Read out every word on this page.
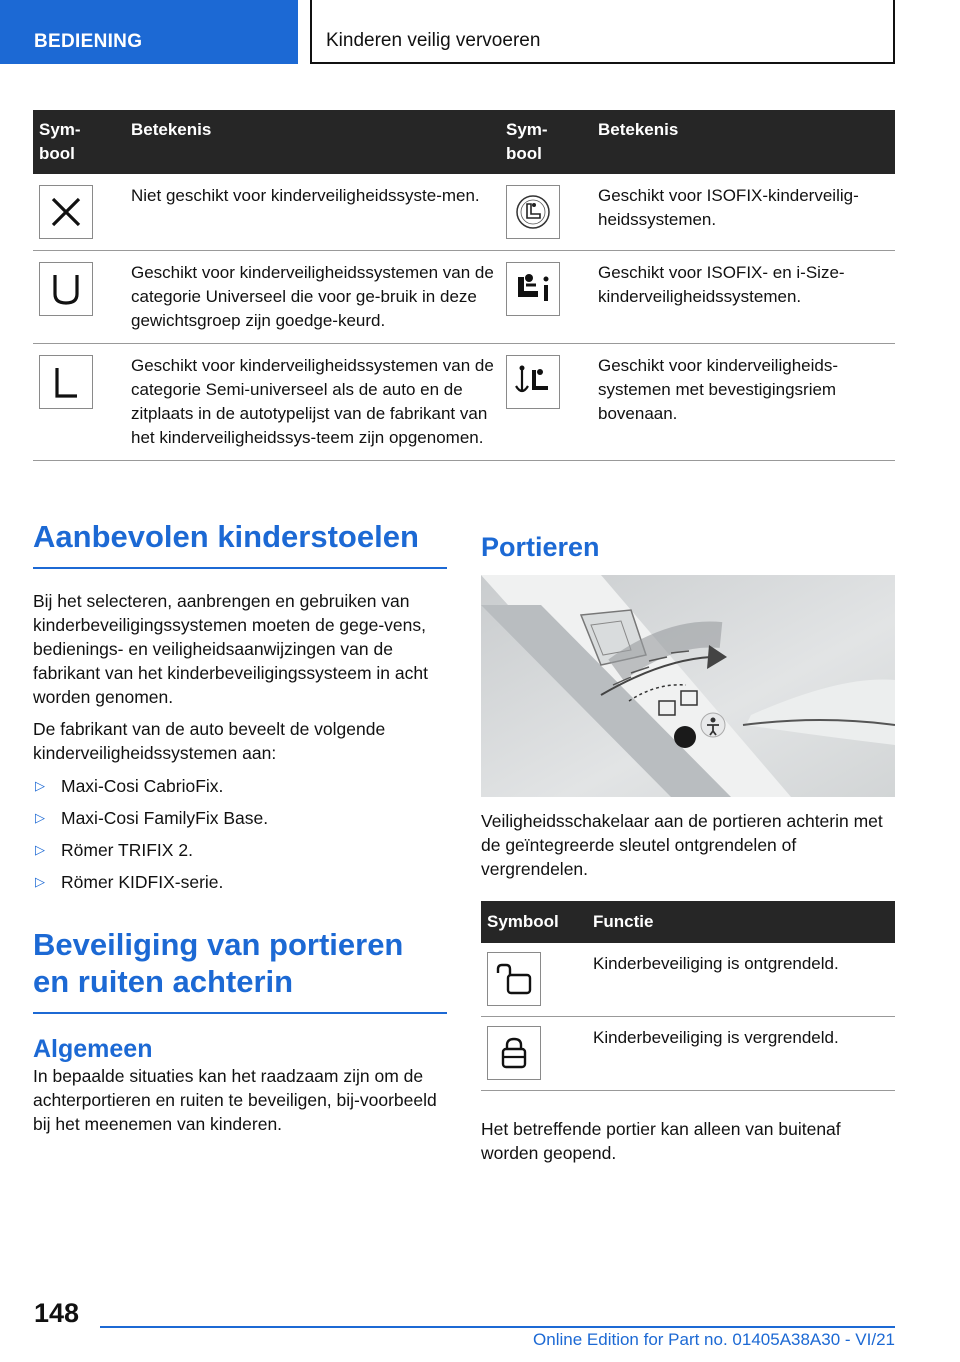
BEDIENING	Kinderen veilig vervoeren
Sym-
bool	Betekenis	Sym-
bool	Betekenis

	Niet geschikt voor kinderveiligheidssyste-men.		Geschikt voor ISOFIX-kinderveilig-heidssystemen.

	Geschikt voor kinderveiligheidssystemen van de categorie Universeel die voor ge-bruik in deze gewichtsgroep zijn goedge-keurd.		Geschikt voor ISOFIX- en i-Size-kinderveiligheidssystemen.

	Geschikt voor kinderveiligheidssystemen van de categorie Semi-universeel als de auto en de zitplaats in de autotypelijst van de fabrikant van het kinderveiligheidssys-teem zijn opgenomen.		Geschikt voor kinderveiligheids-systemen met bevestigingsriem bovenaan.
Aanbevolen kinderstoelen

Bij het selecteren, aanbrengen en gebruiken van kinderbeveiligingssystemen moeten de gege-vens, bedienings- en veiligheidsaanwijzingen van de fabrikant van het kinderbeveiligingssysteem in acht worden genomen.

De fabrikant van de auto beveelt de volgende kinderveiligheidssystemen aan:

▷ Maxi-Cosi CabrioFix.
▷ Maxi-Cosi FamilyFix Base.
▷ Römer TRIFIX 2.
▷ Römer KIDFIX-serie.
Beveiliging van portieren en ruiten achterin
Algemeen

In bepaalde situaties kan het raadzaam zijn om de achterportieren en ruiten te beveiligen, bij-voorbeeld bij het meenemen van kinderen.

Portieren

Veiligheidsschakelaar aan de portieren achterin met de geïntegreerde sleutel ontgrendelen of vergrendelen.

Symbool	Functie

	Kinderbeveiliging is ontgrendeld.

	Kinderbeveiliging is vergrendeld.

Het betreffende portier kan alleen van buitenaf worden geopend.

148
Online Edition for Part no. 01405A38A30 - VI/21
